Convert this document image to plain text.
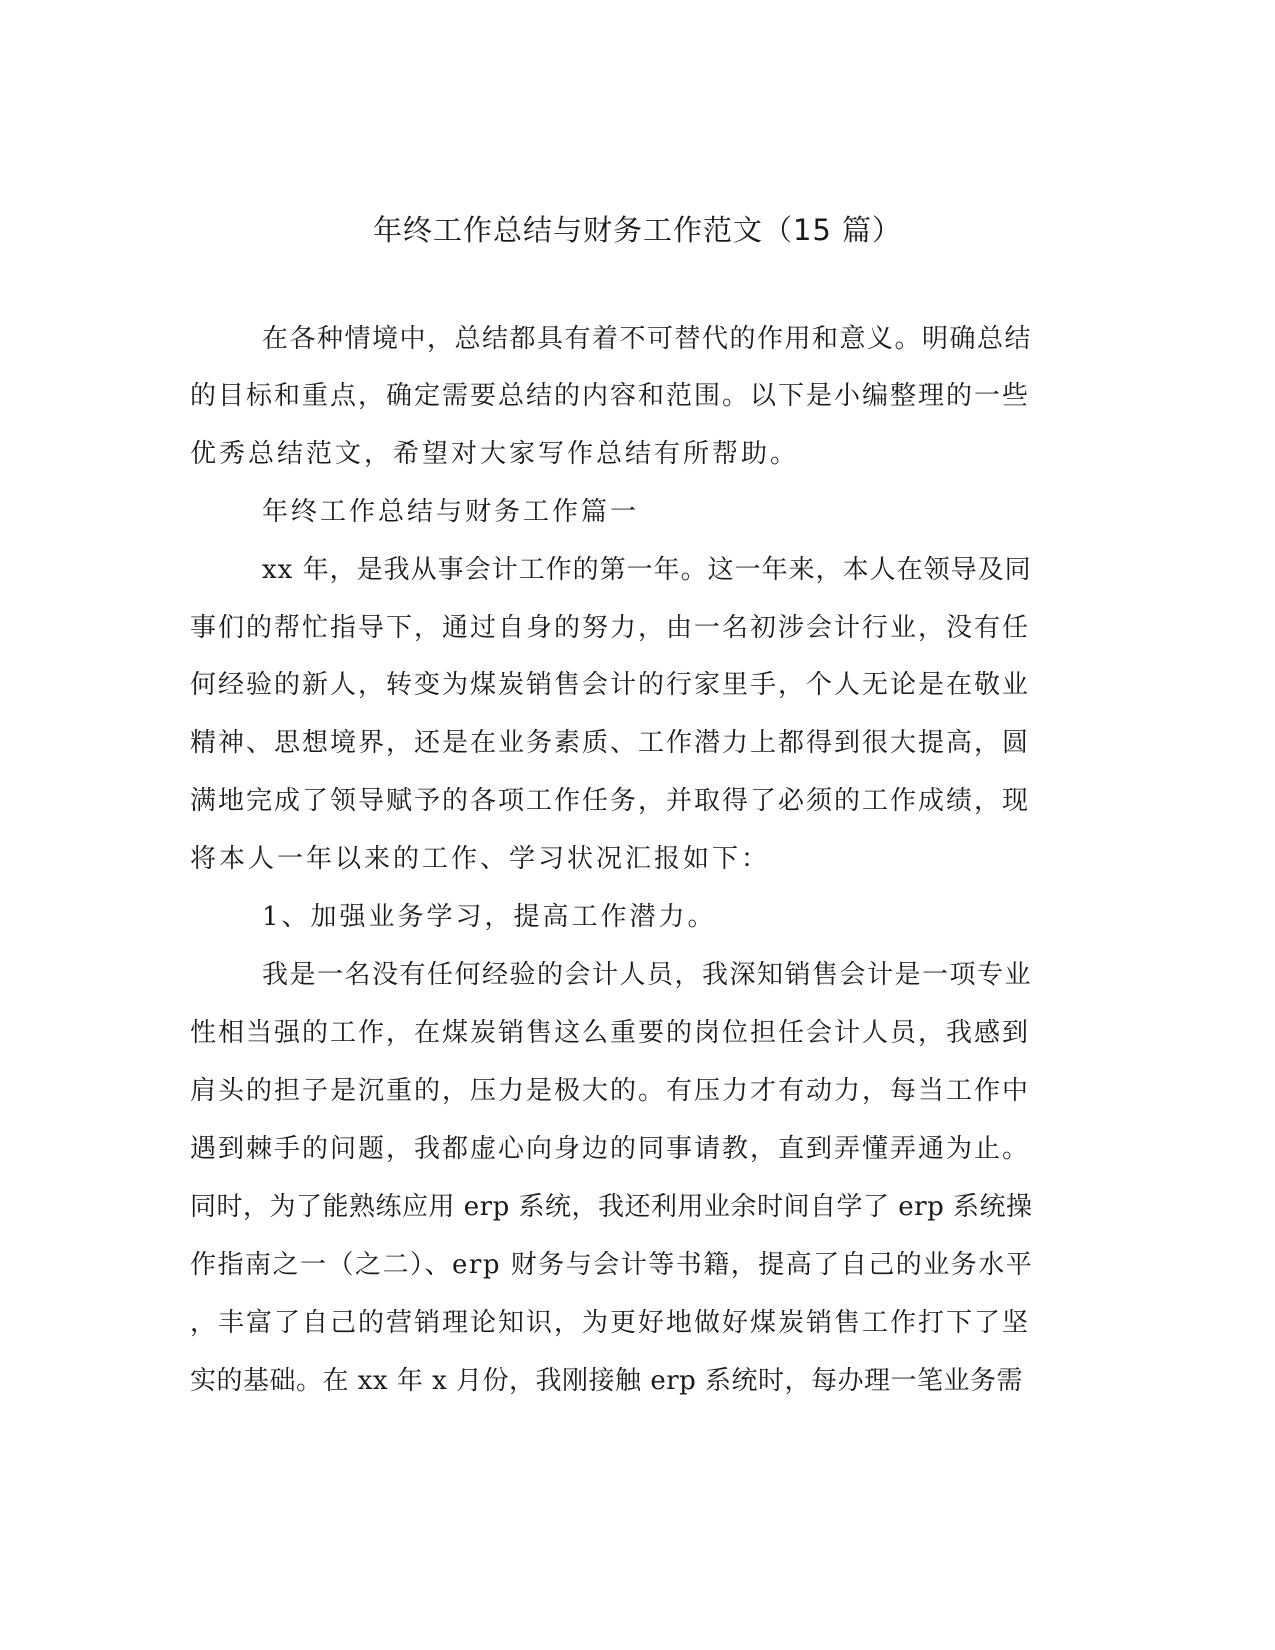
年终工作总结与财务工作范文（15 篇）
在各种情境中，总结都具有着不可替代的作用和意义。明确总结
的目标和重点，确定需要总结的内容和范围。以下是小编整理的一些
优秀总结范文，希望对大家写作总结有所帮助。
年终工作总结与财务工作篇一
xx 年，是我从事会计工作的第一年。这一年来，本人在领导及同
事们的帮忙指导下，通过自身的努力，由一名初涉会计行业，没有任
何经验的新人，转变为煤炭销售会计的行家里手，个人无论是在敬业
精神、思想境界，还是在业务素质、工作潜力上都得到很大提高，圆
满地完成了领导赋予的各项工作任务，并取得了必须的工作成绩，现
将本人一年以来的工作、学习状况汇报如下：
1、加强业务学习，提高工作潜力。
我是一名没有任何经验的会计人员，我深知销售会计是一项专业
性相当强的工作，在煤炭销售这么重要的岗位担任会计人员，我感到
肩头的担子是沉重的，压力是极大的。有压力才有动力，每当工作中
遇到棘手的问题，我都虚心向身边的同事请教，直到弄懂弄通为止。
同时，为了能熟练应用 erp 系统，我还利用业余时间自学了 erp 系统操
作指南之一（之二）、erp 财务与会计等书籍，提高了自己的业务水平
，丰富了自己的营销理论知识，为更好地做好煤炭销售工作打下了坚
实的基础。在 xx 年 x 月份，我刚接触 erp 系统时，每办理一笔业务需
